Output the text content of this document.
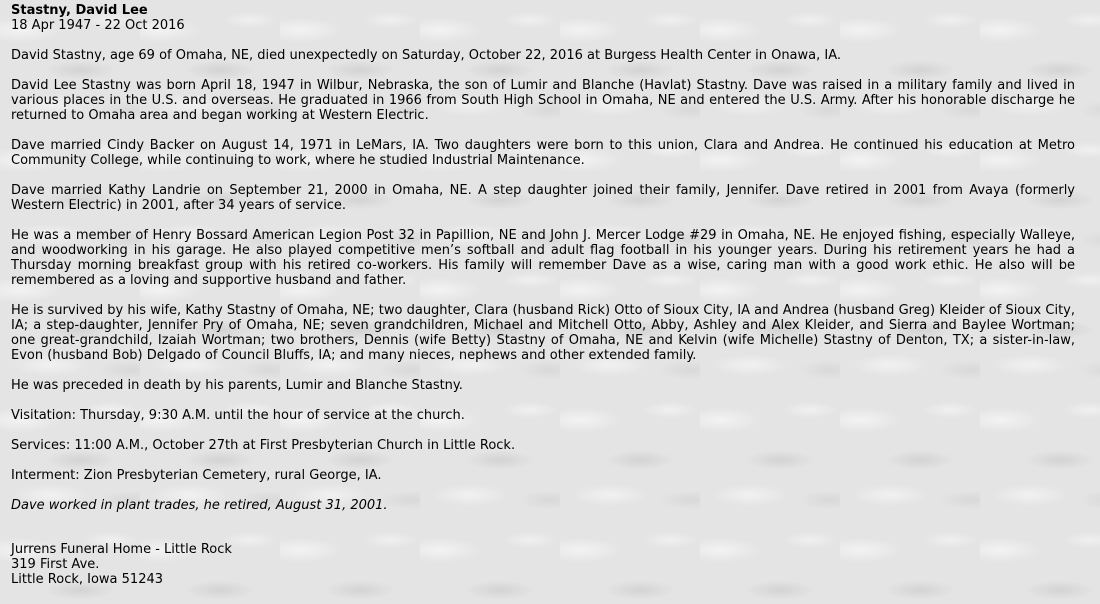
Stastny, David Lee
18 Apr 1947 - 22 Oct 2016

David Stastny, age 69 of Omaha, NE, died unexpectedly on Saturday, October 22, 2016 at Burgess Health Center in Onawa, IA.

David Lee Stastny was born April 18, 1947 in Wilbur, Nebraska, the son of Lumir and Blanche (Havlat) Stastny. Dave was raised in a military family and lived in various places in the U.S. and overseas. He graduated in 1966 from South High School in Omaha, NE and entered the U.S. Army. After his honorable discharge he returned to Omaha area and began working at Western Electric.

Dave married Cindy Backer on August 14, 1971 in LeMars, IA. Two daughters were born to this union, Clara and Andrea. He continued his education at Metro Community College, while continuing to work, where he studied Industrial Maintenance.

Dave married Kathy Landrie on September 21, 2000 in Omaha, NE. A step daughter joined their family, Jennifer. Dave retired in 2001 from Avaya (formerly Western Electric) in 2001, after 34 years of service.

He was a member of Henry Bossard American Legion Post 32 in Papillion, NE and John J. Mercer Lodge #29 in Omaha, NE. He enjoyed fishing, especially Walleye, and woodworking in his garage. He also played competitive men’s softball and adult flag football in his younger years. During his retirement years he had a Thursday morning breakfast group with his retired co-workers. His family will remember Dave as a wise, caring man with a good work ethic. He also will be remembered as a loving and supportive husband and father.

He is survived by his wife, Kathy Stastny of Omaha, NE; two daughter, Clara (husband Rick) Otto of Sioux City, IA and Andrea (husband Greg) Kleider of Sioux City, IA; a step-daughter, Jennifer Pry of Omaha, NE; seven grandchildren, Michael and Mitchell Otto, Abby, Ashley and Alex Kleider, and Sierra and Baylee Wortman; one great-grandchild, Izaiah Wortman; two brothers, Dennis (wife Betty) Stastny of Omaha, NE and Kelvin (wife Michelle) Stastny of Denton, TX; a sister-in-law, Evon (husband Bob) Delgado of Council Bluffs, IA; and many nieces, nephews and other extended family.

He was preceded in death by his parents, Lumir and Blanche Stastny.

Visitation: Thursday, 9:30 A.M. until the hour of service at the church.

Services: 11:00 A.M., October 27th at First Presbyterian Church in Little Rock.

Interment: Zion Presbyterian Cemetery, rural George, IA.

Dave worked in plant trades, he retired, August 31, 2001.

Jurrens Funeral Home - Little Rock
319 First Ave.
Little Rock, Iowa 51243
